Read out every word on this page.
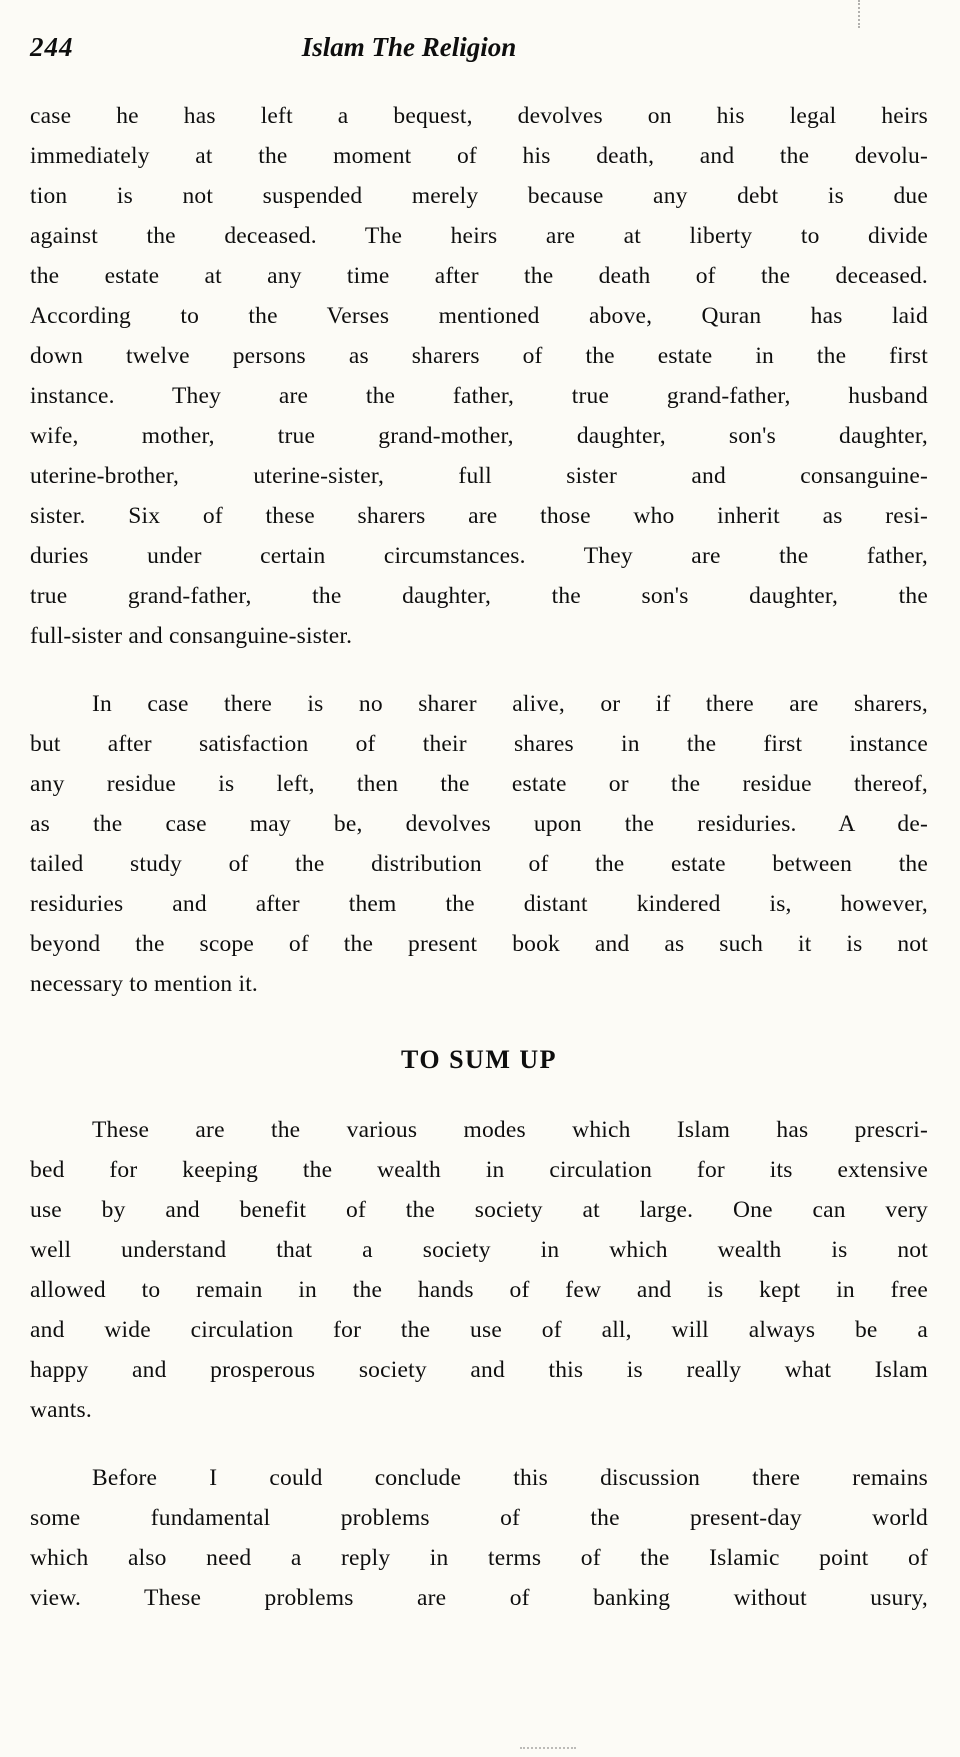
244	Islam The Religion
case he has left a bequest, devolves on his legal heirs
immediately at the moment of his death, and the devolu-
tion is not suspended merely because any debt is due
against the deceased. The heirs are at liberty to divide
the estate at any time after the death of the deceased.
According to the Verses mentioned above, Quran has laid
down twelve persons as sharers of the estate in the first
instance. They are the father, true grand-father, husband
wife, mother, true grand-mother, daughter, son's daughter,
uterine-brother, uterine-sister, full sister and consanguine-
sister. Six of these sharers are those who inherit as resi-
duries under certain circumstances. They are the father,
true grand-father, the daughter, the son's daughter, the
full-sister and consanguine-sister.
In case there is no sharer alive, or if there are sharers,
but after satisfaction of their shares in the first instance
any residue is left, then the estate or the residue thereof,
as the case may be, devolves upon the residuries. A de-
tailed study of the distribution of the estate between the
residuries and after them the distant kindered is, however,
beyond the scope of the present book and as such it is not
necessary to mention it.
TO SUM UP
These are the various modes which Islam has prescri-
bed for keeping the wealth in circulation for its extensive
use by and benefit of the society at large. One can very
well understand that a society in which wealth is not
allowed to remain in the hands of few and is kept in free
and wide circulation for the use of all, will always be a
happy and prosperous society and this is really what Islam
wants.
Before I could conclude this discussion there remains
some fundamental problems of the present-day world
which also need a reply in terms of the Islamic point of
view. These problems are of banking without usury,
